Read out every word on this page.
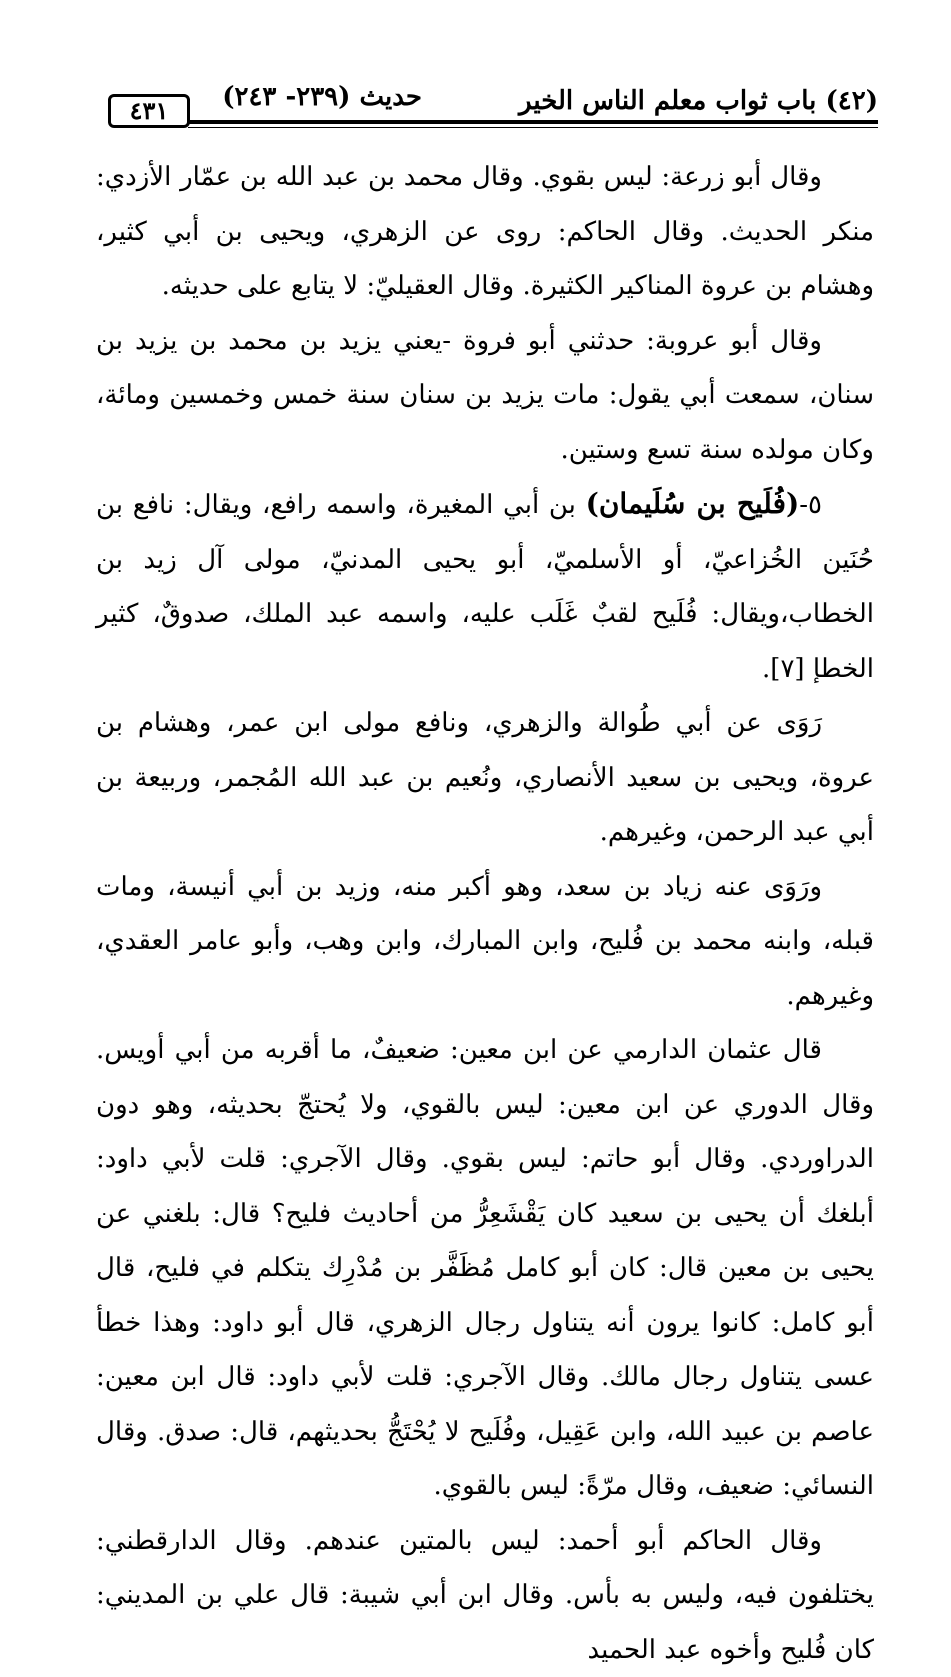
(٤٢) باب ثواب معلم الناس الخير
حديث (٢٣٩- ٢٤٣)
٤٣١

وقال أبو زرعة: ليس بقوي. وقال محمد بن عبد الله بن عمّار الأزدي: منكر الحديث. وقال الحاكم: روى عن الزهري، ويحيى بن أبي كثير، وهشام بن عروة المناكير الكثيرة. وقال العقيليّ: لا يتابع على حديثه.

وقال أبو عروبة: حدثني أبو فروة -يعني يزيد بن محمد بن يزيد بن سنان، سمعت أبي يقول: مات يزيد بن سنان سنة خمس وخمسين ومائة، وكان مولده سنة تسع وستين.

٥-(فُلَيح بن سُلَيمان) بن أبي المغيرة، واسمه رافع، ويقال: نافع بن حُنَين الخُزاعيّ، أو الأسلميّ، أبو يحيى المدنيّ، مولى آل زيد بن الخطاب،ويقال: فُلَيح لقبٌ غَلَب عليه، واسمه عبد الملك، صدوقٌ، كثير الخطإ [٧].

رَوَى عن أبي طُوالة والزهري، ونافع مولى ابن عمر، وهشام بن عروة، ويحيى بن سعيد الأنصاري، ونُعيم بن عبد الله المُجمر، وربيعة بن أبي عبد الرحمن، وغيرهم.

ورَوَى عنه زياد بن سعد، وهو أكبر منه، وزيد بن أبي أنيسة، ومات قبله، وابنه محمد بن فُليح، وابن المبارك، وابن وهب، وأبو عامر العقدي، وغيرهم.

قال عثمان الدارمي عن ابن معين: ضعيفٌ، ما أقربه من أبي أويس. وقال الدوري عن ابن معين: ليس بالقوي، ولا يُحتجّ بحديثه، وهو دون الدراوردي. وقال أبو حاتم: ليس بقوي. وقال الآجري: قلت لأبي داود: أبلغك أن يحيى بن سعيد كان يَقْشَعِرُّ من أحاديث فليح؟ قال: بلغني عن يحيى بن معين قال: كان أبو كامل مُظَفَّر بن مُدْرِك يتكلم في فليح، قال أبو كامل: كانوا يرون أنه يتناول رجال الزهري، قال أبو داود: وهذا خطأ عسى يتناول رجال مالك. وقال الآجري: قلت لأبي داود: قال ابن معين: عاصم بن عبيد الله، وابن عَقِيل، وفُلَيح لا يُحْتَجُّ بحديثهم، قال: صدق. وقال النسائي: ضعيف، وقال مرّةً: ليس بالقوي.

وقال الحاكم أبو أحمد: ليس بالمتين عندهم. وقال الدارقطني: يختلفون فيه، وليس به بأس. وقال ابن أبي شيبة: قال علي بن المديني: كان فُليح وأخوه عبد الحميد
